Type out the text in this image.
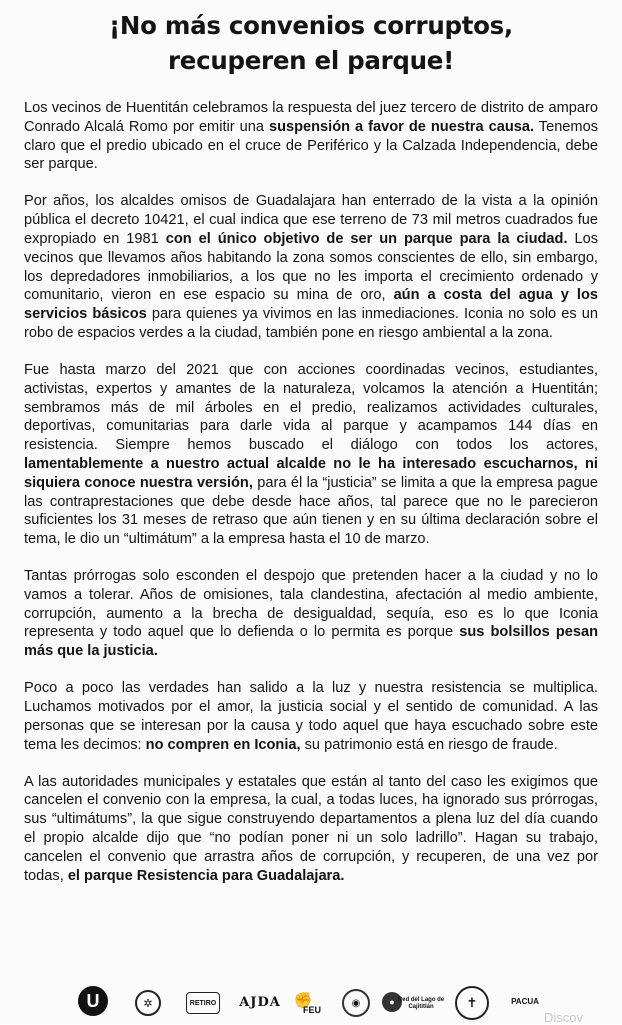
¡No más convenios corruptos,
recuperen el parque!

Los vecinos de Huentitán celebramos la respuesta del juez tercero de distrito de amparo Conrado Alcalá Romo por emitir una suspensión a favor de nuestra causa. Tenemos claro que el predio ubicado en el cruce de Periférico y la Calzada Independencia, debe ser parque.

Por años, los alcaldes omisos de Guadalajara han enterrado de la vista a la opinión pública el decreto 10421, el cual indica que ese terreno de 73 mil metros cuadrados fue expropiado en 1981 con el único objetivo de ser un parque para la ciudad. Los vecinos que llevamos años habitando la zona somos conscientes de ello, sin embargo, los depredadores inmobiliarios, a los que no les importa el crecimiento ordenado y comunitario, vieron en ese espacio su mina de oro, aún a costa del agua y los servicios básicos para quienes ya vivimos en las inmediaciones. Iconia no solo es un robo de espacios verdes a la ciudad, también pone en riesgo ambiental a la zona.

Fue hasta marzo del 2021 que con acciones coordinadas vecinos, estudiantes, activistas, expertos y amantes de la naturaleza, volcamos la atención a Huentitán; sembramos más de mil árboles en el predio, realizamos actividades culturales, deportivas, comunitarias para darle vida al parque y acampamos 144 días en resistencia. Siempre hemos buscado el diálogo con todos los actores, lamentablemente a nuestro actual alcalde no le ha interesado escucharnos, ni siquiera conoce nuestra versión, para él la “justicia” se limita a que la empresa pague las contraprestaciones que debe desde hace años, tal parece que no le parecieron suficientes los 31 meses de retraso que aún tienen y en su última declaración sobre el tema, le dio un “ultimátum” a la empresa hasta el 10 de marzo.

Tantas prórrogas solo esconden el despojo que pretenden hacer a la ciudad y no lo vamos a tolerar. Años de omisiones, tala clandestina, afectación al medio ambiente, corrupción, aumento a la brecha de desigualdad, sequía, eso es lo que Iconia representa y todo aquel que lo defienda o lo permita es porque sus bolsillos pesan más que la justicia.

Poco a poco las verdades han salido a la luz y nuestra resistencia se multiplica. Luchamos motivados por el amor, la justicia social y el sentido de comunidad. A las personas que se interesan por la causa y todo aquel que haya escuchado sobre este tema les decimos: no compren en Iconia, su patrimonio está en riesgo de fraude.

A las autoridades municipales y estatales que están al tanto del caso les exigimos que cancelen el convenio con la empresa, la cual, a todas luces, ha ignorado sus prórrogas, sus “ultimátums”, la que sigue construyendo departamentos a plena luz del día cuando el propio alcalde dijo que “no podían poner ni un solo ladrillo”. Hagan su trabajo, cancelen el convenio que arrastra años de corrupción, y recuperen, de una vez por todas, el parque Resistencia para Guadalajara.

U	✲	RETIRO AJDA ✊
FEU
◉	● Red del Lago de Cajititlán	✝	PACUA
Discov
